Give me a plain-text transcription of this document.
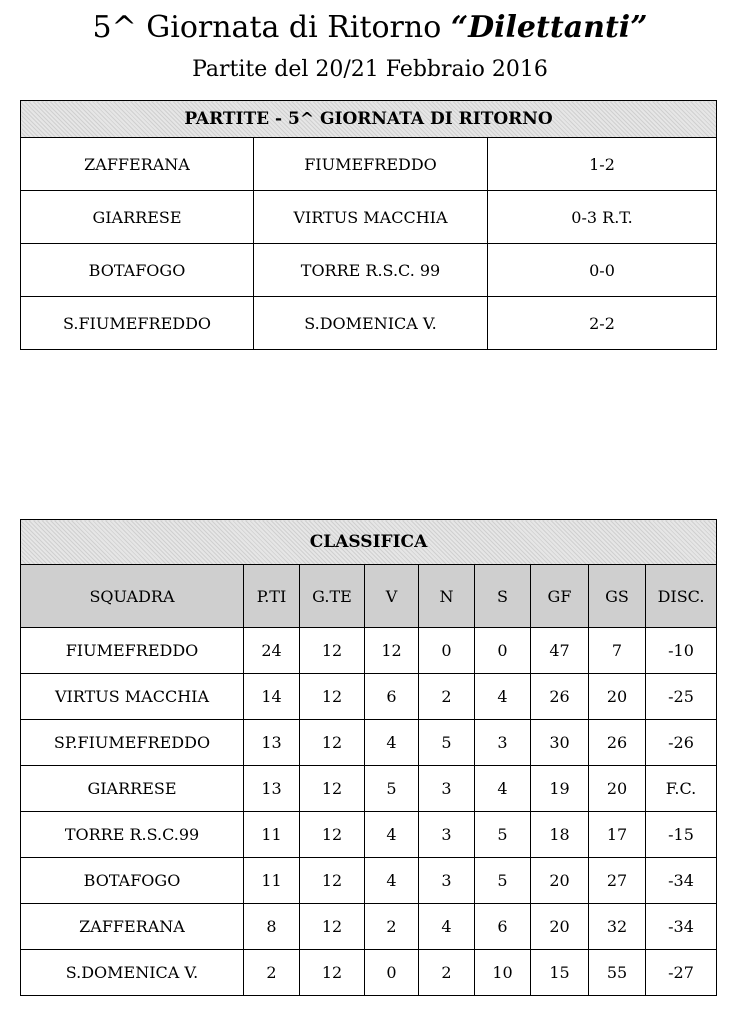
5^ Giornata di Ritorno “Dilettanti”
Partite del 20/21 Febbraio 2016
PARTITE - 5^ GIORNATA DI RITORNO		
ZAFFERANA	FIUMEFREDDO	1-2
GIARRESE	VIRTUS MACCHIA	0-3 R.T.
BOTAFOGO	TORRE R.S.C. 99	0-0
S.FIUMEFREDDO	S.DOMENICA V.	2-2
CLASSIFICA								
SQUADRA	P.TI	G.TE	V	N	S	GF	GS	DISC.
FIUMEFREDDO	24	12	12	0	0	47	7	-10
VIRTUS MACCHIA	14	12	6	2	4	26	20	-25
SP.FIUMEFREDDO	13	12	4	5	3	30	26	-26
GIARRESE	13	12	5	3	4	19	20	F.C.
TORRE R.S.C.99	11	12	4	3	5	18	17	-15
BOTAFOGO	11	12	4	3	5	20	27	-34
ZAFFERANA	8	12	2	4	6	20	32	-34
S.DOMENICA V.	2	12	0	2	10	15	55	-27
